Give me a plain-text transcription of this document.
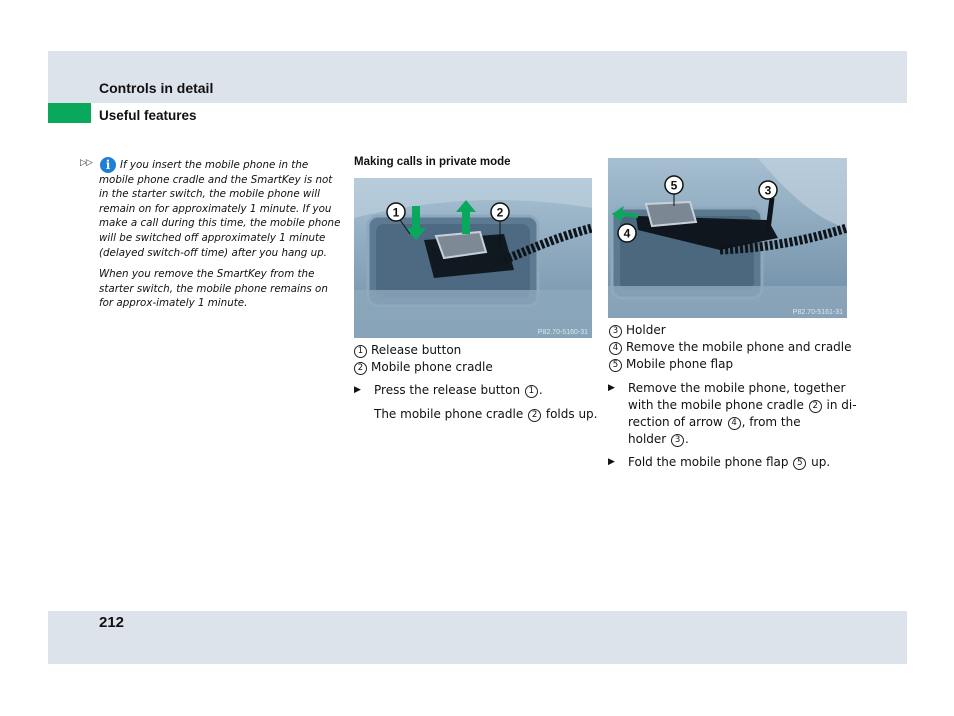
Controls in detail
Useful features
▷▷	i If you insert the mobile phone in the mobile phone cradle and the SmartKey is not in the starter switch, the mobile phone will remain on for approximately 1 minute. If you make a call during this time, the mobile phone will be switched off approximately 1 minute (delayed switch-off time) after you hang up.

When you remove the SmartKey from the starter switch, the mobile phone remains on for approx-imately 1 minute.

Making calls in private mode
1	2
P82.70-5160-31
1 Release button
2 Mobile phone cradle
▶ Press the release button 1 .
The mobile phone cradle 2 folds up.
5	3
4
P82.70-5161-31
3 Holder
4 Remove the mobile phone and cradle
5 Mobile phone flap
▶ Remove the mobile phone, together
with the mobile phone cradle 2 in di-
rection of arrow 4 , from the
holder 3 .
▶ Fold the mobile phone flap 5 up.
212
